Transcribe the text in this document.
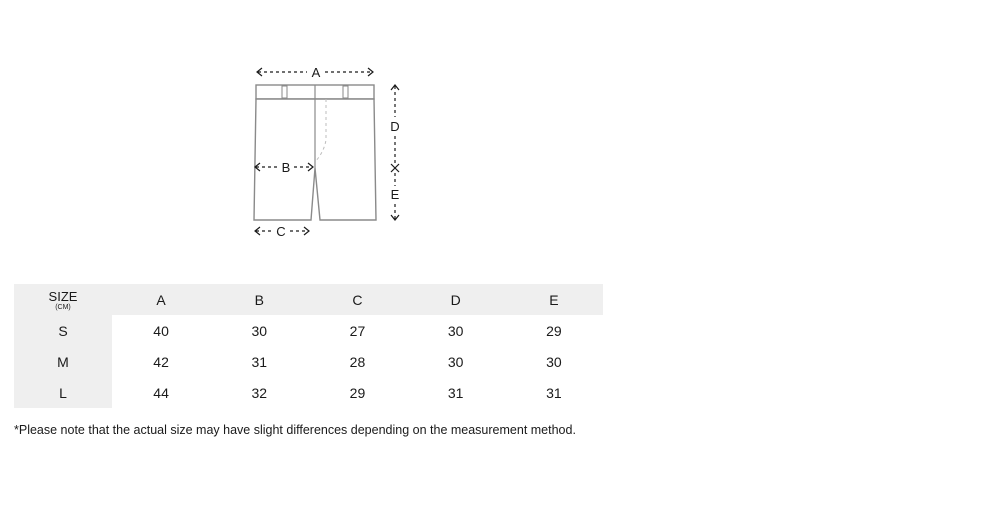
A
B
C
D
E
SIZE
(CM)	A	B	C	D	E
S	40	30	27	30	29
M	42	31	28	30	30
L	44	32	29	31	31
*Please note that the actual size may have slight differences depending on the measurement method.
